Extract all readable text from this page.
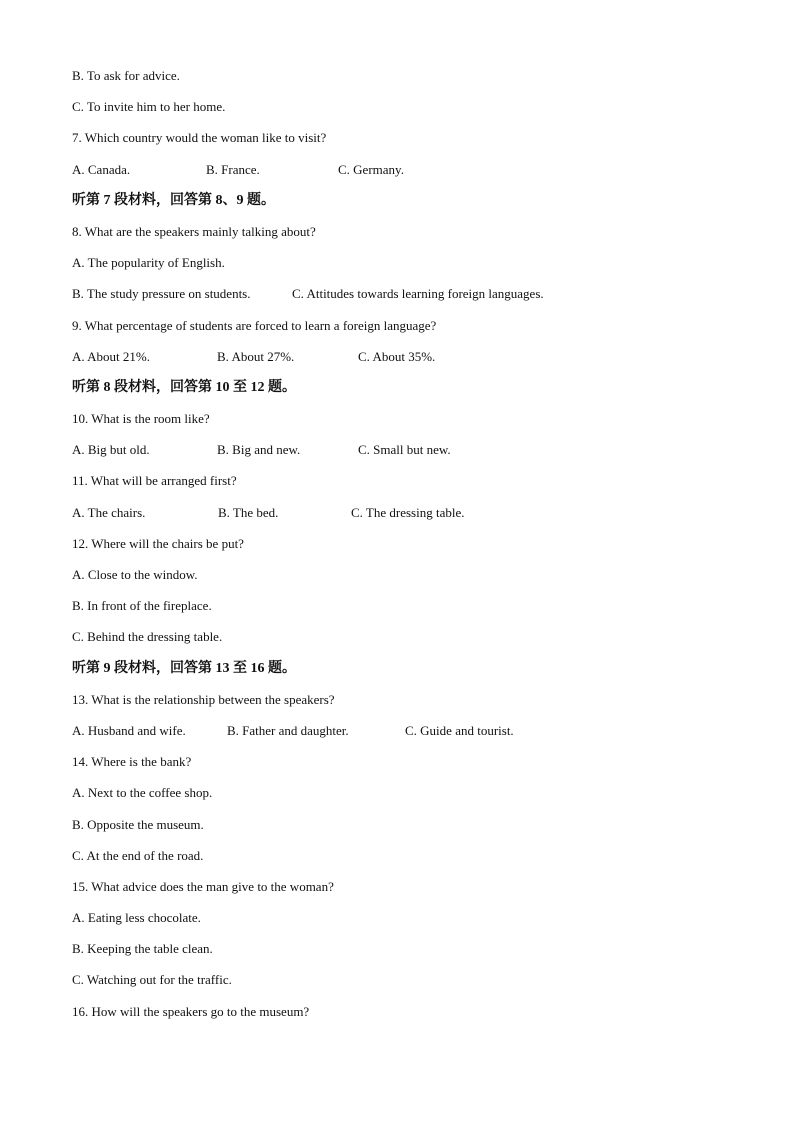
B. To ask for advice.
C. To invite him to her home.
7. Which country would the woman like to visit?
A. Canada.	B. France.	C. Germany.
听第 7 段材料，回答第 8、9 题。
8. What are the speakers mainly talking about?
A. The popularity of English.
B. The study pressure on students.	C. Attitudes towards learning foreign languages.
9. What percentage of students are forced to learn a foreign language?
A. About 21%.	B. About 27%.	C. About 35%.
听第 8 段材料，回答第 10 至 12 题。
10. What is the room like?
A. Big but old.	B. Big and new.	C. Small but new.
11. What will be arranged first?
A. The chairs.	B. The bed.	C. The dressing table.
12. Where will the chairs be put?
A. Close to the window.
B. In front of the fireplace.
C. Behind the dressing table.
听第 9 段材料，回答第 13 至 16 题。
13. What is the relationship between the speakers?
A. Husband and wife.	B. Father and daughter.	C. Guide and tourist.
14. Where is the bank?
A. Next to the coffee shop.
B. Opposite the museum.
C. At the end of the road.
15. What advice does the man give to the woman?
A. Eating less chocolate.
B. Keeping the table clean.
C. Watching out for the traffic.
16. How will the speakers go to the museum?
